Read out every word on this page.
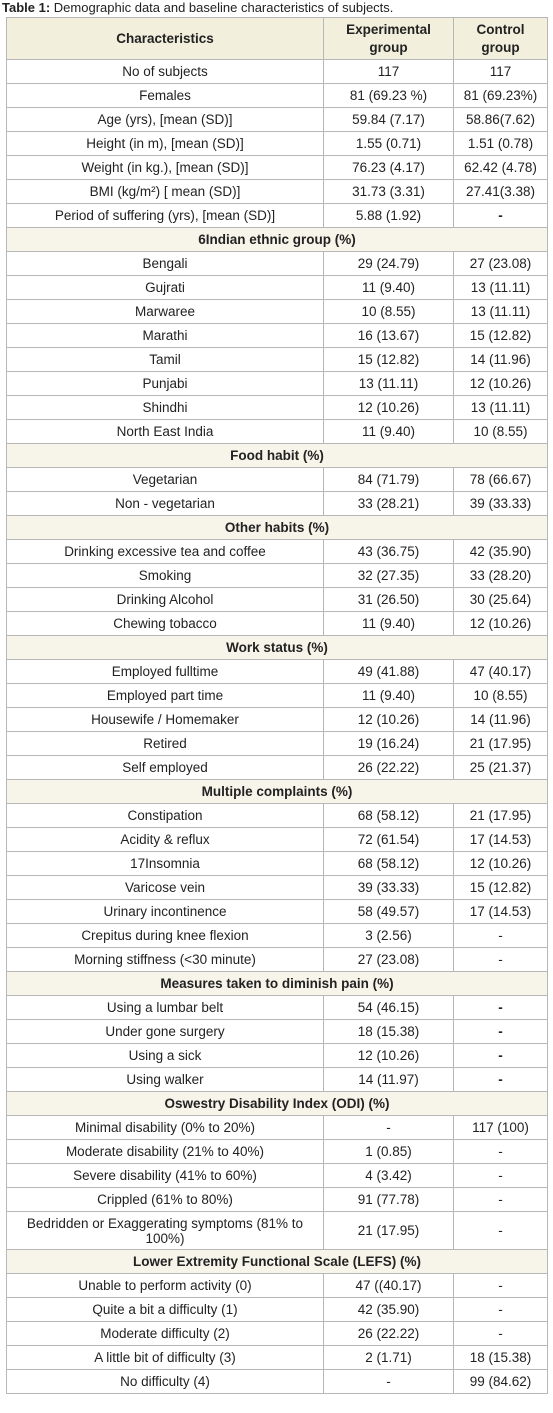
Table 1: Demographic data and baseline characteristics of subjects.
Characteristics	Experimental group	Control group
No of subjects	117	117
Females	81 (69.23 %)	81 (69.23%)
Age (yrs), [mean (SD)]	59.84 (7.17)	58.86(7.62)
Height (in m), [mean (SD)]	1.55 (0.71)	1.51 (0.78)
Weight (in kg.), [mean (SD)]	76.23 (4.17)	62.42 (4.78)
BMI (kg/m²) [ mean (SD)]	31.73 (3.31)	27.41(3.38)
Period of suffering (yrs), [mean (SD)]	5.88 (1.92)	-
6Indian ethnic group (%)		
Bengali	29 (24.79)	27 (23.08)
Gujrati	11 (9.40)	13 (11.11)
Marwaree	10 (8.55)	13 (11.11)
Marathi	16 (13.67)	15 (12.82)
Tamil	15 (12.82)	14 (11.96)
Punjabi	13 (11.11)	12 (10.26)
Shindhi	12 (10.26)	13 (11.11)
North East India	11 (9.40)	10 (8.55)
Food habit (%)		
Vegetarian	84 (71.79)	78 (66.67)
Non - vegetarian	33 (28.21)	39 (33.33)
Other habits (%)		
Drinking excessive tea and coffee	43 (36.75)	42 (35.90)
Smoking	32 (27.35)	33 (28.20)
Drinking Alcohol	31 (26.50)	30 (25.64)
Chewing tobacco	11 (9.40)	12 (10.26)
Work status (%)		
Employed fulltime	49 (41.88)	47 (40.17)
Employed part time	11 (9.40)	10 (8.55)
Housewife / Homemaker	12 (10.26)	14 (11.96)
Retired	19 (16.24)	21 (17.95)
Self employed	26 (22.22)	25 (21.37)
Multiple complaints (%)		
Constipation	68 (58.12)	21 (17.95)
Acidity & reflux	72 (61.54)	17 (14.53)
17Insomnia	68 (58.12)	12 (10.26)
Varicose vein	39 (33.33)	15 (12.82)
Urinary incontinence	58 (49.57)	17 (14.53)
Crepitus during knee flexion	3 (2.56)	-
Morning stiffness (<30 minute)	27 (23.08)	-
Measures taken to diminish pain (%)		
Using a lumbar belt	54 (46.15)	-
Under gone surgery	18 (15.38)	-
Using a sick	12 (10.26)	-
Using walker	14 (11.97)	-
Oswestry Disability Index (ODI) (%)		
Minimal disability (0% to 20%)	-	117 (100)
Moderate disability (21% to 40%)	1 (0.85)	-
Severe disability (41% to 60%)	4 (3.42)	-
Crippled (61% to 80%)	91 (77.78)	-
Bedridden or Exaggerating symptoms (81% to 100%)	21 (17.95)	-
Lower Extremity Functional Scale (LEFS) (%)		
Unable to perform activity (0)	47 ((40.17)	-
Quite a bit a difficulty (1)	42 (35.90)	-
Moderate difficulty (2)	26 (22.22)	-
A little bit of difficulty (3)	2 (1.71)	18 (15.38)
No difficulty (4)	-	99 (84.62)
